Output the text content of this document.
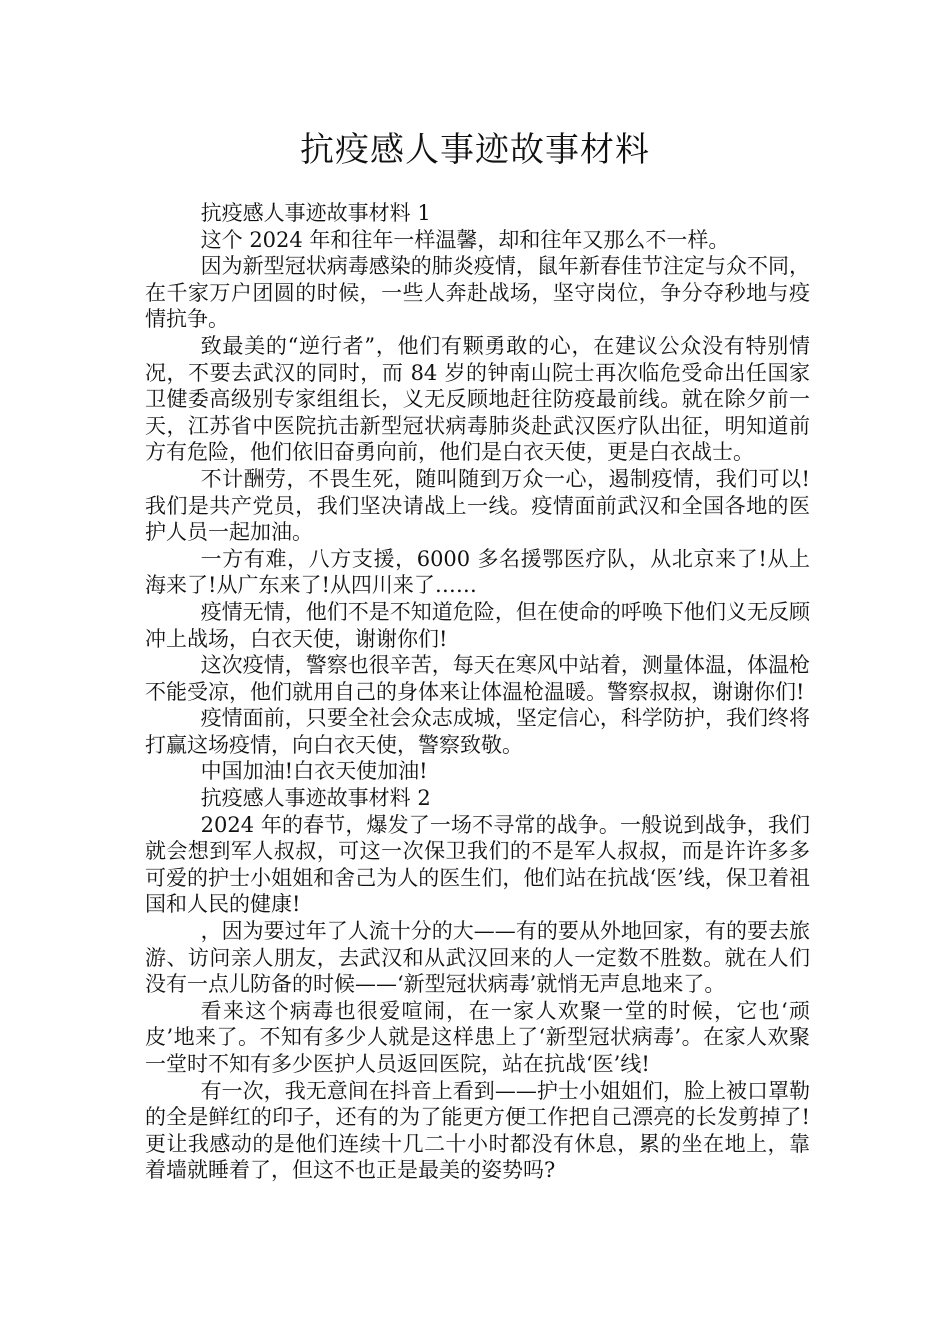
抗疫感人事迹故事材料

抗疫感人事迹故事材料 1

这个 2024 年和往年一样温馨，却和往年又那么不一样。

因为新型冠状病毒感染的肺炎疫情，鼠年新春佳节注定与众不同，在千家万户团圆的时候，一些人奔赴战场，坚守岗位，争分夺秒地与疫情抗争。

致最美的“逆行者”，他们有颗勇敢的心，在建议公众没有特别情况，不要去武汉的同时，而 84 岁的钟南山院士再次临危受命出任国家卫健委高级别专家组组长，义无反顾地赶往防疫最前线。就在除夕前一天，江苏省中医院抗击新型冠状病毒肺炎赴武汉医疗队出征，明知道前方有危险，他们依旧奋勇向前，他们是白衣天使，更是白衣战士。

不计酬劳，不畏生死，随叫随到万众一心，遏制疫情，我们可以!我们是共产党员，我们坚决请战上一线。疫情面前武汉和全国各地的医护人员一起加油。

一方有难，八方支援，6000 多名援鄂医疗队，从北京来了!从上海来了!从广东来了!从四川来了……

疫情无情，他们不是不知道危险，但在使命的呼唤下他们义无反顾冲上战场，白衣天使，谢谢你们!

这次疫情，警察也很辛苦，每天在寒风中站着，测量体温，体温枪不能受凉，他们就用自己的身体来让体温枪温暖。警察叔叔，谢谢你们!

疫情面前，只要全社会众志成城，坚定信心，科学防护，我们终将打赢这场疫情，向白衣天使，警察致敬。

中国加油!白衣天使加油!

抗疫感人事迹故事材料 2

2024 年的春节，爆发了一场不寻常的战争。一般说到战争，我们就会想到军人叔叔，可这一次保卫我们的不是军人叔叔，而是许许多多可爱的护士小姐姐和舍己为人的医生们，他们站在抗战‘医’线，保卫着祖国和人民的健康!

，因为要过年了人流十分的大——有的要从外地回家，有的要去旅游、访问亲人朋友，去武汉和从武汉回来的人一定数不胜数。就在人们没有一点儿防备的时候——‘新型冠状病毒’就悄无声息地来了。

看来这个病毒也很爱喧闹，在一家人欢聚一堂的时候，它也‘顽皮’地来了。不知有多少人就是这样患上了‘新型冠状病毒’。在家人欢聚一堂时不知有多少医护人员返回医院，站在抗战‘医’线!

有一次，我无意间在抖音上看到——护士小姐姐们，脸上被口罩勒的全是鲜红的印子，还有的为了能更方便工作把自己漂亮的长发剪掉了!更让我感动的是他们连续十几二十小时都没有休息，累的坐在地上，靠着墙就睡着了，但这不也正是最美的姿势吗?
